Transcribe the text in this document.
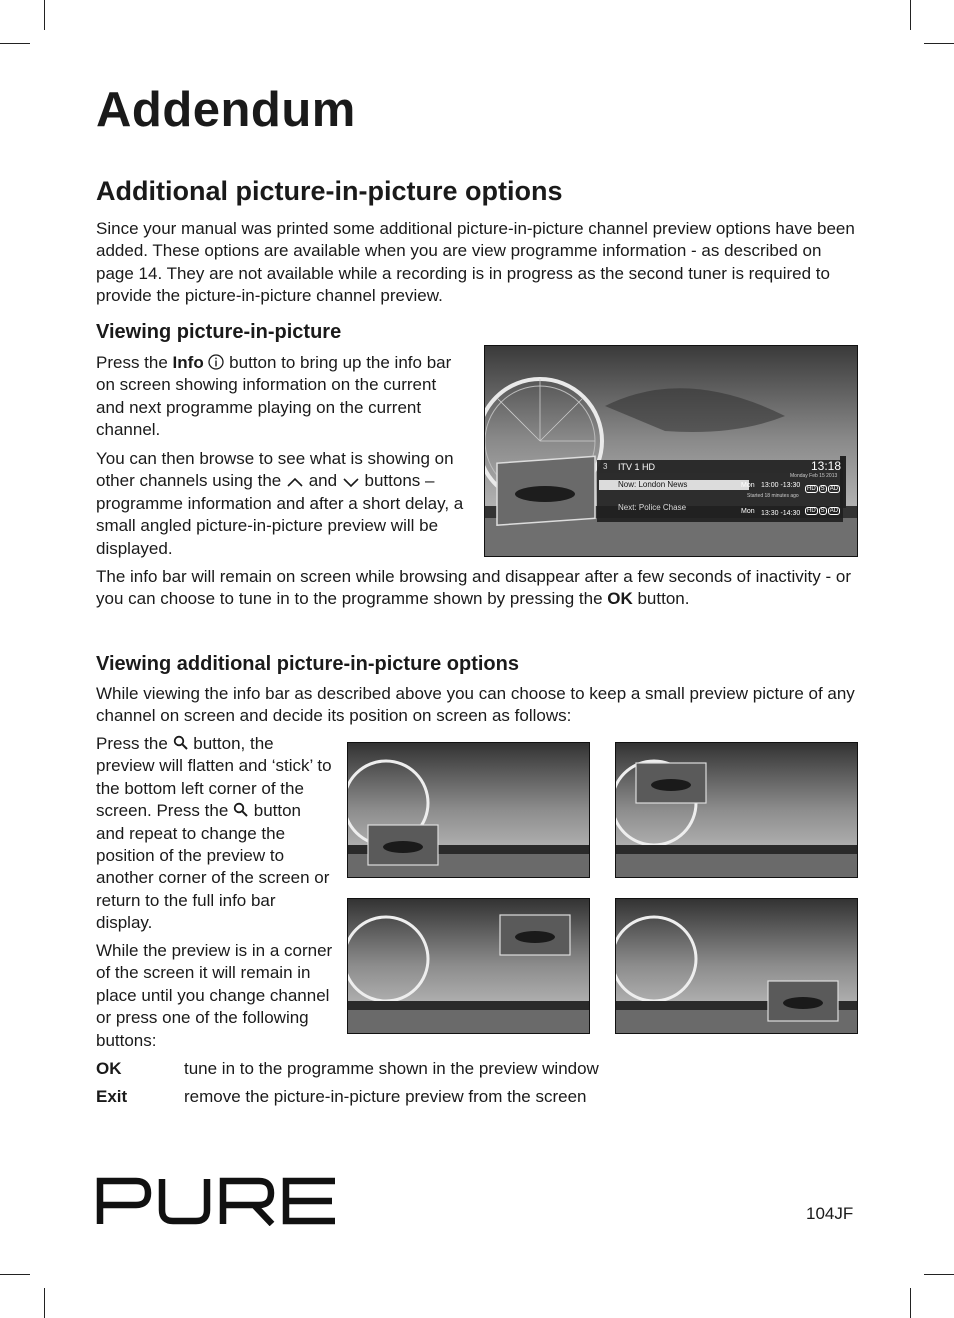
Addendum
Additional picture-in-picture options

Since your manual was printed some additional picture-in-picture channel preview options have been added. These options are available when you are view programme information - as described on page 14. They are not available while a recording is in progress as the second tuner is required to provide the picture-in-picture channel preview.

Viewing picture-in-picture

Press the Info  button to bring up the info bar on screen showing information on the current and next programme playing on the current channel.

You can then browse to see what is showing on other channels using the  and  buttons – programme information and after a short delay, a small angled picture-in-picture preview will be displayed.

3 ITV 1 HD	13:18
Monday Feb 15 2013
Now: London News	Mon 13:00 -13:30
Started 18 minutes ago
Next: Police Chase	Mon 13:30 -14:30
HD S AD
HD S AD

The info bar will remain on screen while browsing and disappear after a few seconds of inactivity - or you can choose to tune in to the programme shown by pressing the OK button.

Viewing additional picture-in-picture options

While viewing the info bar as described above you can choose to keep a small preview picture of any channel on screen and decide its position on screen as follows:

Press the  button, the preview will flatten and ‘stick’ to the bottom left corner of the screen. Press the  button and repeat to change the position of the preview to another corner of the screen or return to the full info bar display.

While the preview is in a corner of the screen it will remain in place until you change channel or press one of the following buttons:

OK	tune in to the programme shown in the preview window
Exit	remove the picture-in-picture preview from the screen
104JF
